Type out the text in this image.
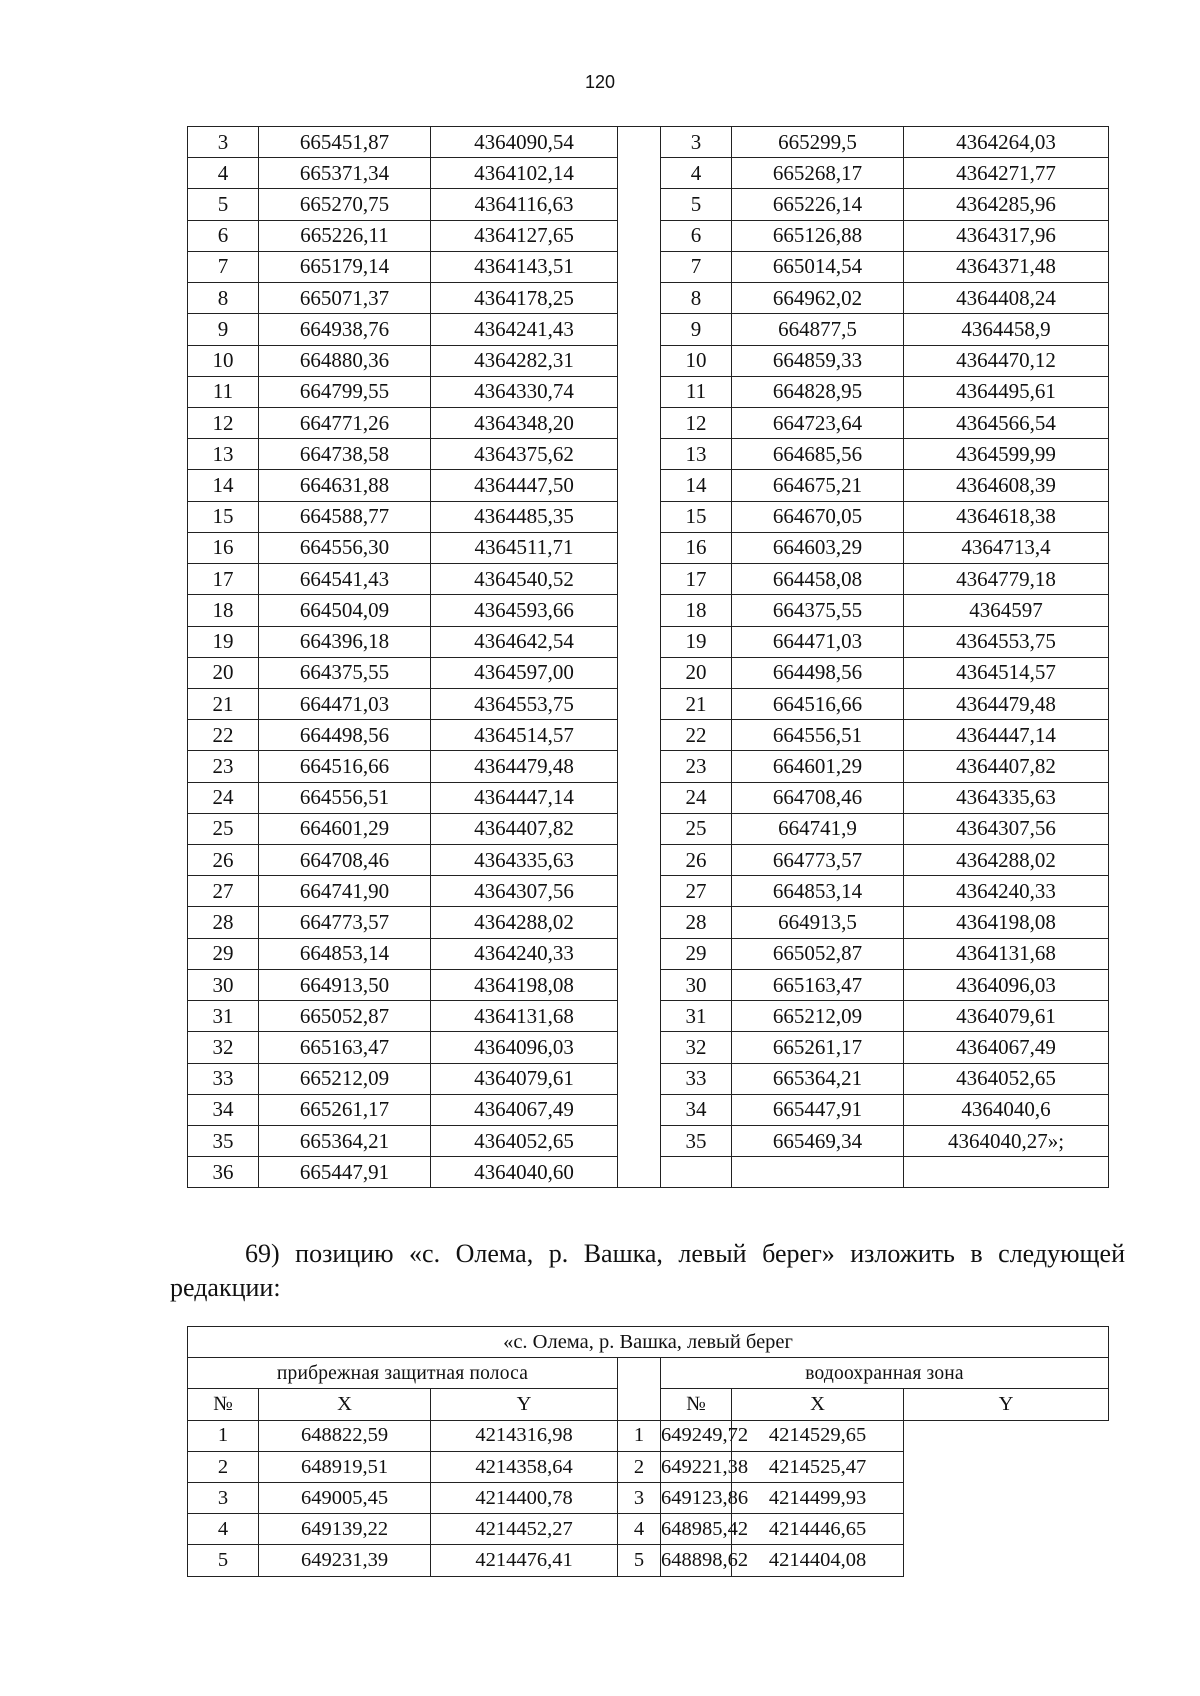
120
3	665451,87	4364090,54		3	665299,5	4364264,03
4	665371,34	4364102,14		4	665268,17	4364271,77
5	665270,75	4364116,63		5	665226,14	4364285,96
6	665226,11	4364127,65		6	665126,88	4364317,96
7	665179,14	4364143,51		7	665014,54	4364371,48
8	665071,37	4364178,25		8	664962,02	4364408,24
9	664938,76	4364241,43		9	664877,5	4364458,9
10	664880,36	4364282,31		10	664859,33	4364470,12
11	664799,55	4364330,74		11	664828,95	4364495,61
12	664771,26	4364348,20		12	664723,64	4364566,54
13	664738,58	4364375,62		13	664685,56	4364599,99
14	664631,88	4364447,50		14	664675,21	4364608,39
15	664588,77	4364485,35		15	664670,05	4364618,38
16	664556,30	4364511,71		16	664603,29	4364713,4
17	664541,43	4364540,52		17	664458,08	4364779,18
18	664504,09	4364593,66		18	664375,55	4364597
19	664396,18	4364642,54		19	664471,03	4364553,75
20	664375,55	4364597,00		20	664498,56	4364514,57
21	664471,03	4364553,75		21	664516,66	4364479,48
22	664498,56	4364514,57		22	664556,51	4364447,14
23	664516,66	4364479,48		23	664601,29	4364407,82
24	664556,51	4364447,14		24	664708,46	4364335,63
25	664601,29	4364407,82		25	664741,9	4364307,56
26	664708,46	4364335,63		26	664773,57	4364288,02
27	664741,90	4364307,56		27	664853,14	4364240,33
28	664773,57	4364288,02		28	664913,5	4364198,08
29	664853,14	4364240,33		29	665052,87	4364131,68
30	664913,50	4364198,08		30	665163,47	4364096,03
31	665052,87	4364131,68		31	665212,09	4364079,61
32	665163,47	4364096,03		32	665261,17	4364067,49
33	665212,09	4364079,61		33	665364,21	4364052,65
34	665261,17	4364067,49		34	665447,91	4364040,6
35	665364,21	4364052,65		35	665469,34	4364040,27»;
36	665447,91	4364040,60				
69) позицию «с. Олема, р. Вашка, левый берег» изложить в следующей
редакции:
«с. Олема, р. Вашка, левый берег						
прибрежная защитная полоса				водоохранная зона		
№	X	Y		№	X	Y
1	648822,59	4214316,98	1	649249,72	4214529,65	
2	648919,51	4214358,64	2	649221,38	4214525,47	
3	649005,45	4214400,78	3	649123,86	4214499,93	
4	649139,22	4214452,27	4	648985,42	4214446,65	
5	649231,39	4214476,41	5	648898,62	4214404,08	
